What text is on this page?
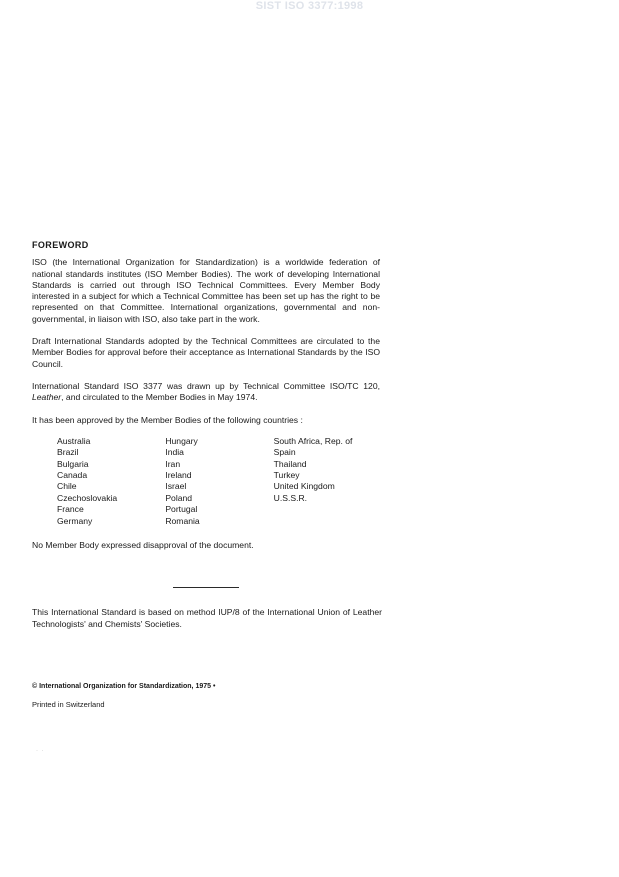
SIST ISO 3377:1998

FOREWORD

ISO (the International Organization for Standardization) is a worldwide federation of national standards institutes (ISO Member Bodies). The work of developing International Standards is carried out through ISO Technical Committees. Every Member Body interested in a subject for which a Technical Committee has been set up has the right to be represented on that Committee. International organizations, governmental and non-governmental, in liaison with ISO, also take part in the work.

Draft International Standards adopted by the Technical Committees are circulated to the Member Bodies for approval before their acceptance as International Standards by the ISO Council.

International Standard ISO 3377 was drawn up by Technical Committee ISO/TC 120, Leather, and circulated to the Member Bodies in May 1974.

It has been approved by the Member Bodies of the following countries :

Australia
Brazil
Bulgaria
Canada
Chile
Czechoslovakia
France
Germany
Hungary
India
Iran
Ireland
Israel
Poland
Portugal
Romania
South Africa, Rep. of
Spain
Thailand
Turkey
United Kingdom
U.S.S.R.

No Member Body expressed disapproval of the document.

This International Standard is based on method IUP/8 of the International Union of Leather Technologists' and Chemists' Societies.

© International Organization for Standardization, 1975 •

Printed in Switzerland

·  ·
